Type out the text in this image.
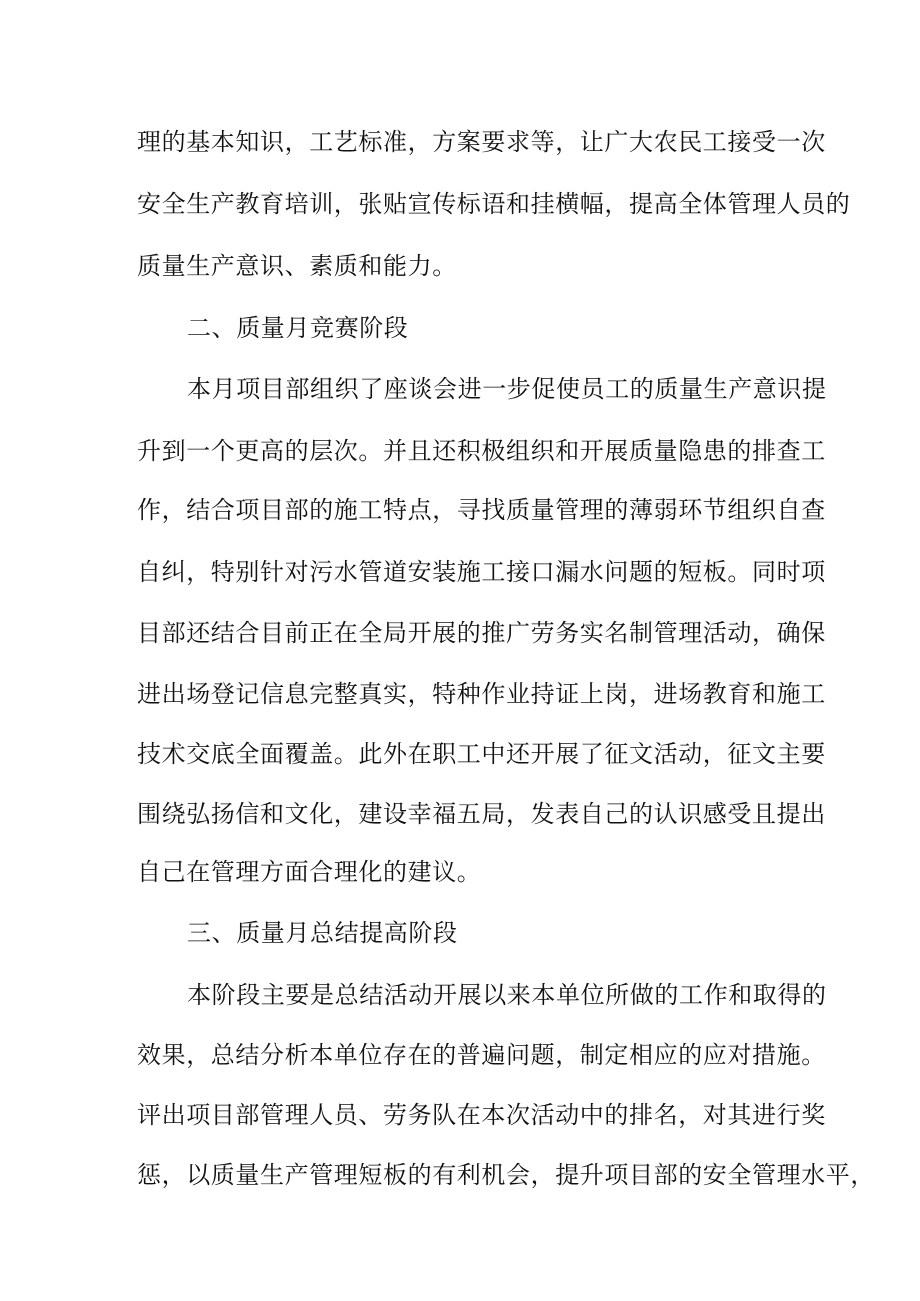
理的基本知识，工艺标准，方案要求等，让广大农民工接受一次
安全生产教育培训，张贴宣传标语和挂横幅，提高全体管理人员的
质量生产意识、素质和能力。
二、质量月竞赛阶段
本月项目部组织了座谈会进一步促使员工的质量生产意识提
升到一个更高的层次。并且还积极组织和开展质量隐患的排查工
作，结合项目部的施工特点，寻找质量管理的薄弱环节组织自查
自纠，特别针对污水管道安装施工接口漏水问题的短板。同时项
目部还结合目前正在全局开展的推广劳务实名制管理活动，确保
进出场登记信息完整真实，特种作业持证上岗，进场教育和施工
技术交底全面覆盖。此外在职工中还开展了征文活动，征文主要
围绕弘扬信和文化，建设幸福五局，发表自己的认识感受且提出
自己在管理方面合理化的建议。
三、质量月总结提高阶段
本阶段主要是总结活动开展以来本单位所做的工作和取得的
效果，总结分析本单位存在的普遍问题，制定相应的应对措施。
评出项目部管理人员、劳务队在本次活动中的排名，对其进行奖
惩，以质量生产管理短板的有利机会，提升项目部的安全管理水平，
